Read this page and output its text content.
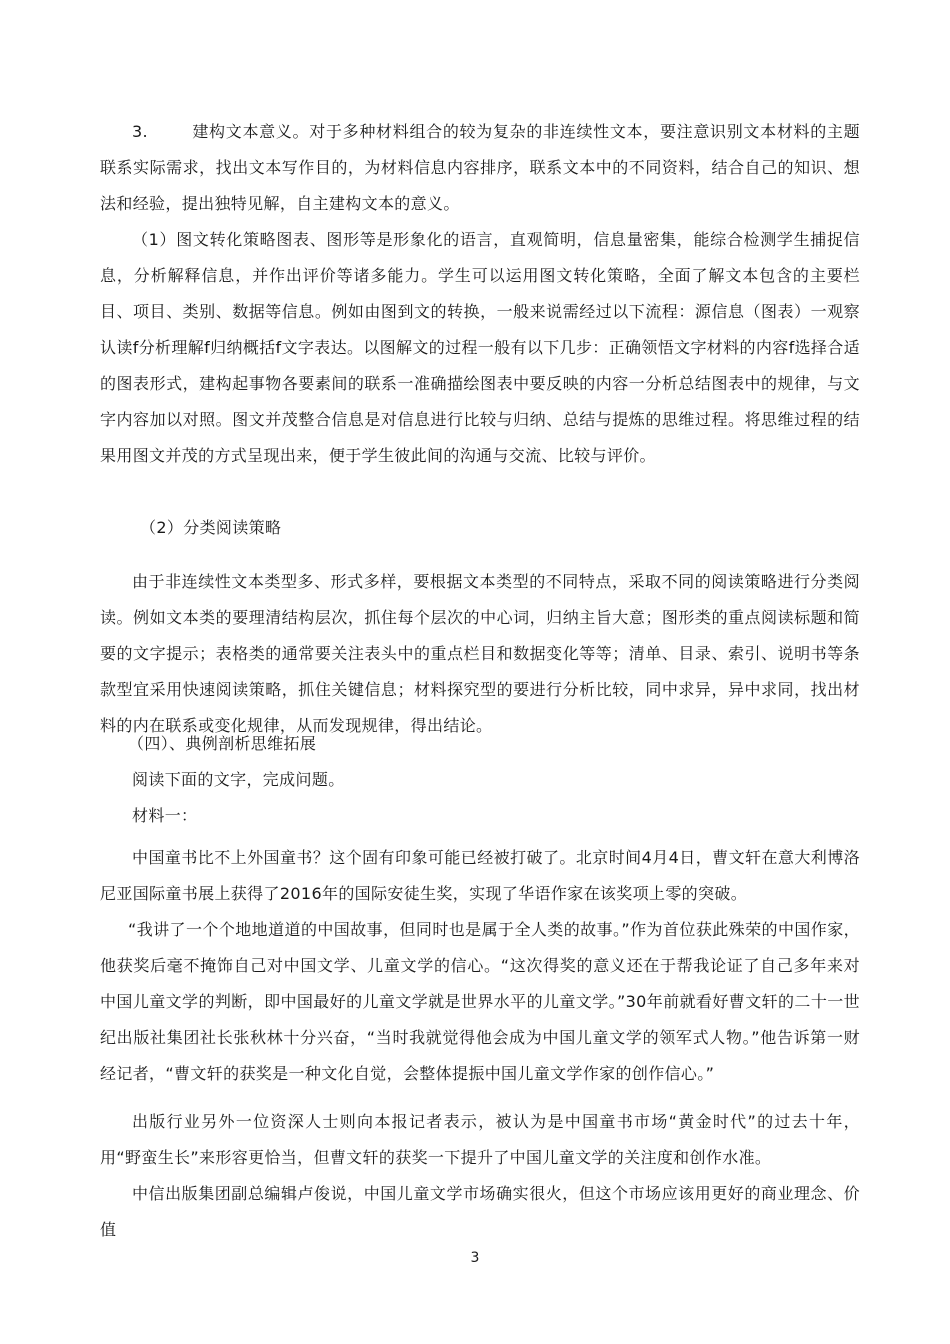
3.	建构文本意义。对于多种材料组合的较为复杂的非连续性文本，要注意识别文本材料的主题联系实际需求，找出文本写作目的，为材料信息内容排序，联系文本中的不同资料，结合自己的知识、想法和经验，提出独特见解，自主建构文本的意义。

（1）图文转化策略图表、图形等是形象化的语言，直观简明，信息量密集，能综合检测学生捕捉信息，分析解释信息，并作出评价等诸多能力。学生可以运用图文转化策略，全面了解文本包含的主要栏目、项目、类别、数据等信息。例如由图到文的转换，一般来说需经过以下流程：源信息（图表）一观察认读f分析理解f归纳概括f文字表达。以图解文的过程一般有以下几步：正确领悟文字材料的内容f选择合适的图表形式，建构起事物各要素间的联系一准确描绘图表中要反映的内容一分析总结图表中的规律，与文字内容加以对照。图文并茂整合信息是对信息进行比较与归纳、总结与提炼的思维过程。将思维过程的结果用图文并茂的方式呈现出来，便于学生彼此间的沟通与交流、比较与评价。

（2）分类阅读策略

由于非连续性文本类型多、形式多样，要根据文本类型的不同特点，采取不同的阅读策略进行分类阅读。例如文本类的要理清结构层次，抓住每个层次的中心词，归纳主旨大意；图形类的重点阅读标题和简要的文字提示；表格类的通常要关注表头中的重点栏目和数据变化等等；清单、目录、索引、说明书等条款型宜采用快速阅读策略，抓住关键信息；材料探究型的要进行分析比较，同中求异，异中求同，找出材料的内在联系或变化规律，从而发现规律，得出结论。

（四）、典例剖析思维拓展

阅读下面的文字，完成问题。

材料一：

中国童书比不上外国童书？这个固有印象可能已经被打破了。北京时间4月4日，曹文轩在意大利博洛尼亚国际童书展上获得了2016年的国际安徒生奖，实现了华语作家在该奖项上零的突破。

“我讲了一个个地地道道的中国故事，但同时也是属于全人类的故事。”作为首位获此殊荣的中国作家，他获奖后毫不掩饰自己对中国文学、儿童文学的信心。“这次得奖的意义还在于帮我论证了自己多年来对中国儿童文学的判断，即中国最好的儿童文学就是世界水平的儿童文学。”30年前就看好曹文轩的二十一世纪出版社集团社长张秋林十分兴奋，“当时我就觉得他会成为中国儿童文学的领军式人物。”他告诉第一财经记者，“曹文轩的获奖是一种文化自觉，会整体提振中国儿童文学作家的创作信心。”

出版行业另外一位资深人士则向本报记者表示，被认为是中国童书市场“黄金时代”的过去十年，用“野蛮生长”来形容更恰当，但曹文轩的获奖一下提升了中国儿童文学的关注度和创作水准。

中信出版集团副总编辑卢俊说，中国儿童文学市场确实很火，但这个市场应该用更好的商业理念、价值

3
